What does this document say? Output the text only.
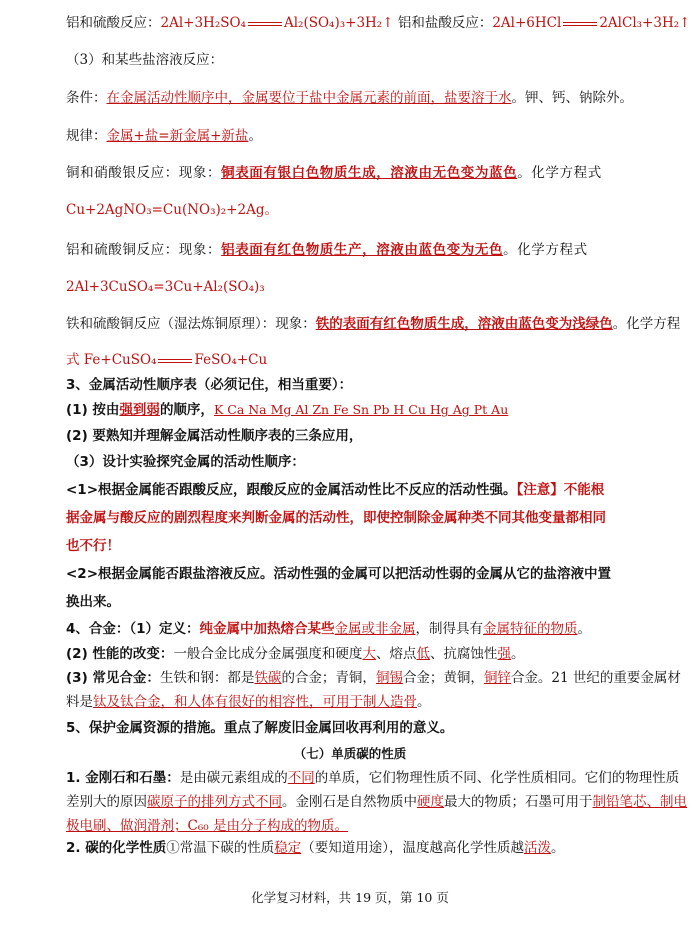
铝和硫酸反应：2Al+3H₂SO₄	Al₂(SO₄)₃+3H₂↑ 铝和盐酸反应：2Al+6HCl	2AlCl₃+3H₂↑
（3）和某些盐溶液反应：
条件：在金属活动性顺序中，金属要位于盐中金属元素的前面，盐要溶于水。钾、钙、钠除外。
规律：金属+盐=新金属+新盐。
铜和硝酸银反应：现象：铜表面有银白色物质生成，溶液由无色变为蓝色。化学方程式
Cu+2AgNO₃=Cu(NO₃)₂+2Ag。
铝和硫酸铜反应：现象：铝表面有红色物质生产，溶液由蓝色变为无色。化学方程式
2Al+3CuSO₄=3Cu+Al₂(SO₄)₃
铁和硫酸铜反应（湿法炼铜原理）：现象：铁的表面有红色物质生成，溶液由蓝色变为浅绿色。化学方程
式 Fe+CuSO₄	FeSO₄+Cu
3、金属活动性顺序表（必须记住，相当重要）：
(1) 按由强到弱的顺序，K Ca Na Mg Al Zn Fe Sn Pb H Cu Hg Ag Pt Au
(2) 要熟知并理解金属活动性顺序表的三条应用，
（3）设计实验探究金属的活动性顺序：
<1>根据金属能否跟酸反应，跟酸反应的金属活动性比不反应的活动性强。【注意】不能根
据金属与酸反应的剧烈程度来判断金属的活动性，即使控制除金属种类不同其他变量都相同
也不行！
<2>根据金属能否跟盐溶液反应。活动性强的金属可以把活动性弱的金属从它的盐溶液中置
换出来。
4、合金：（1）定义：纯金属中加热熔合某些金属或非金属，制得具有金属特征的物质。
(2) 性能的改变：一般合金比成分金属强度和硬度大、熔点低、抗腐蚀性强。
(3) 常见合金：生铁和钢：都是铁碳的合金；青铜，铜锡合金；黄铜，铜锌合金。21 世纪的重要金属材
料是钛及钛合金，和人体有很好的相容性，可用于制人造骨。
5、保护金属资源的措施。重点了解废旧金属回收再利用的意义。
（七）单质碳的性质
1. 金刚石和石墨：是由碳元素组成的不同的单质，它们物理性质不同、化学性质相同。它们的物理性质
差别大的原因碳原子的排列方式不同。金刚石是自然物质中硬度最大的物质；石墨可用于制铅笔芯、制电
极电刷、做润滑剂；C₆₀ 是由分子构成的物质。
2. 碳的化学性质①常温下碳的性质稳定（要知道用途），温度越高化学性质越活泼。
化学复习材料，共 19 页，第 10 页
